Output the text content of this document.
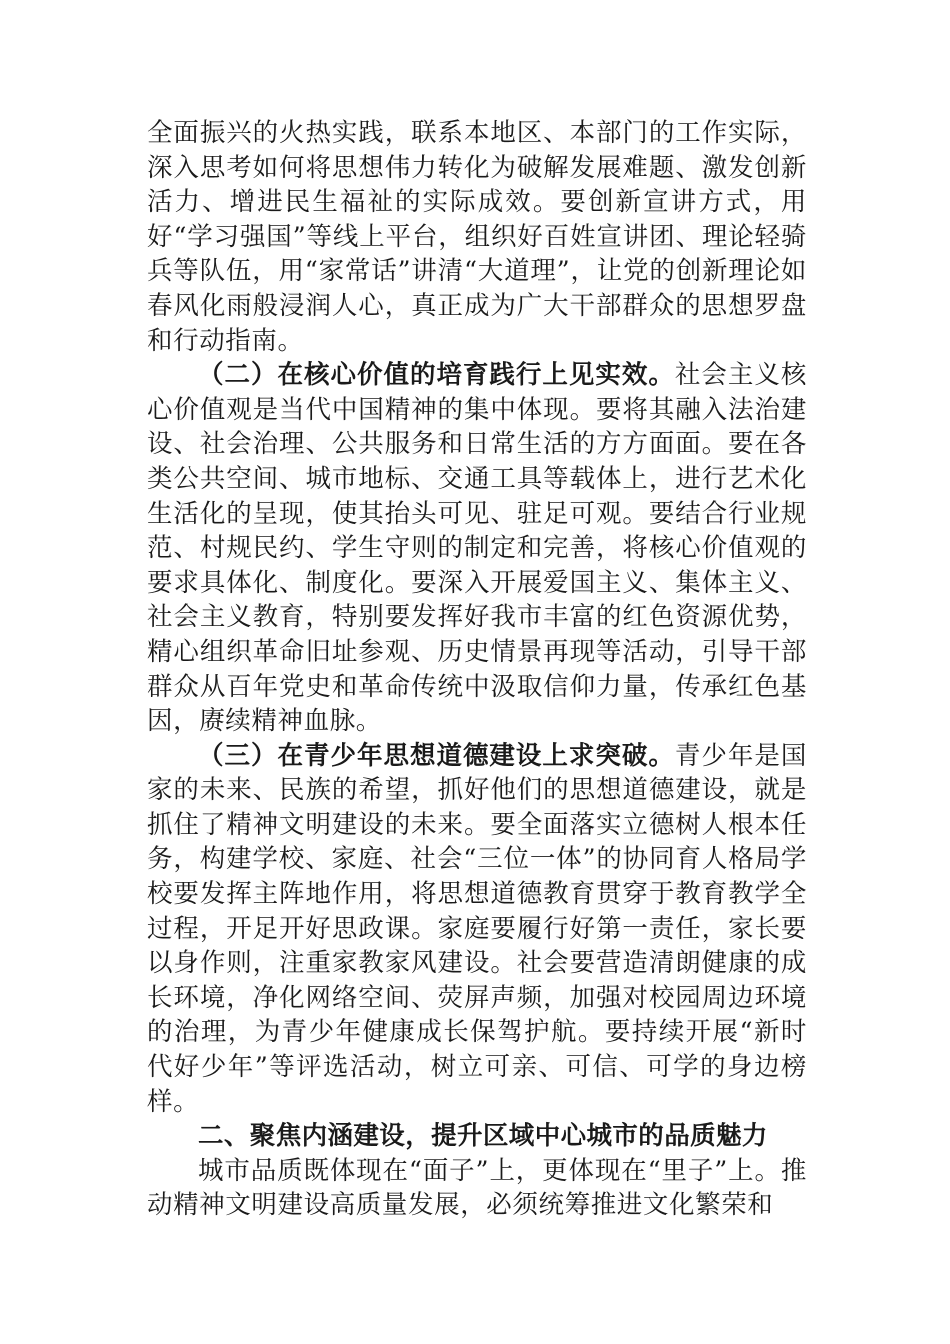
全面振兴的火热实践，联系本地区、本部门的工作实际，深入思考如何将思想伟力转化为破解发展难题、激发创新活力、增进民生福祉的实际成效。要创新宣讲方式，用好“学习强国”等线上平台，组织好百姓宣讲团、理论轻骑兵等队伍，用“家常话”讲清“大道理”，让党的创新理论如春风化雨般浸润人心，真正成为广大干部群众的思想罗盘和行动指南。

（二）在核心价值的培育践行上见实效。社会主义核心价值观是当代中国精神的集中体现。要将其融入法治建设、社会治理、公共服务和日常生活的方方面面。要在各类公共空间、城市地标、交通工具等载体上，进行艺术化生活化的呈现，使其抬头可见、驻足可观。要结合行业规范、村规民约、学生守则的制定和完善，将核心价值观的要求具体化、制度化。要深入开展爱国主义、集体主义、社会主义教育，特别要发挥好我市丰富的红色资源优势，精心组织革命旧址参观、历史情景再现等活动，引导干部群众从百年党史和革命传统中汲取信仰力量，传承红色基因，赓续精神血脉。

（三）在青少年思想道德建设上求突破。青少年是国家的未来、民族的希望，抓好他们的思想道德建设，就是抓住了精神文明建设的未来。要全面落实立德树人根本任务，构建学校、家庭、社会“三位一体”的协同育人格局学校要发挥主阵地作用，将思想道德教育贯穿于教育教学全过程，开足开好思政课。家庭要履行好第一责任，家长要以身作则，注重家教家风建设。社会要营造清朗健康的成长环境，净化网络空间、荧屏声频，加强对校园周边环境的治理，为青少年健康成长保驾护航。要持续开展“新时代好少年”等评选活动，树立可亲、可信、可学的身边榜样。

二、聚焦内涵建设，提升区域中心城市的品质魅力

城市品质既体现在“面子”上，更体现在“里子”上。推动精神文明建设高质量发展，必须统筹推进文化繁荣和
